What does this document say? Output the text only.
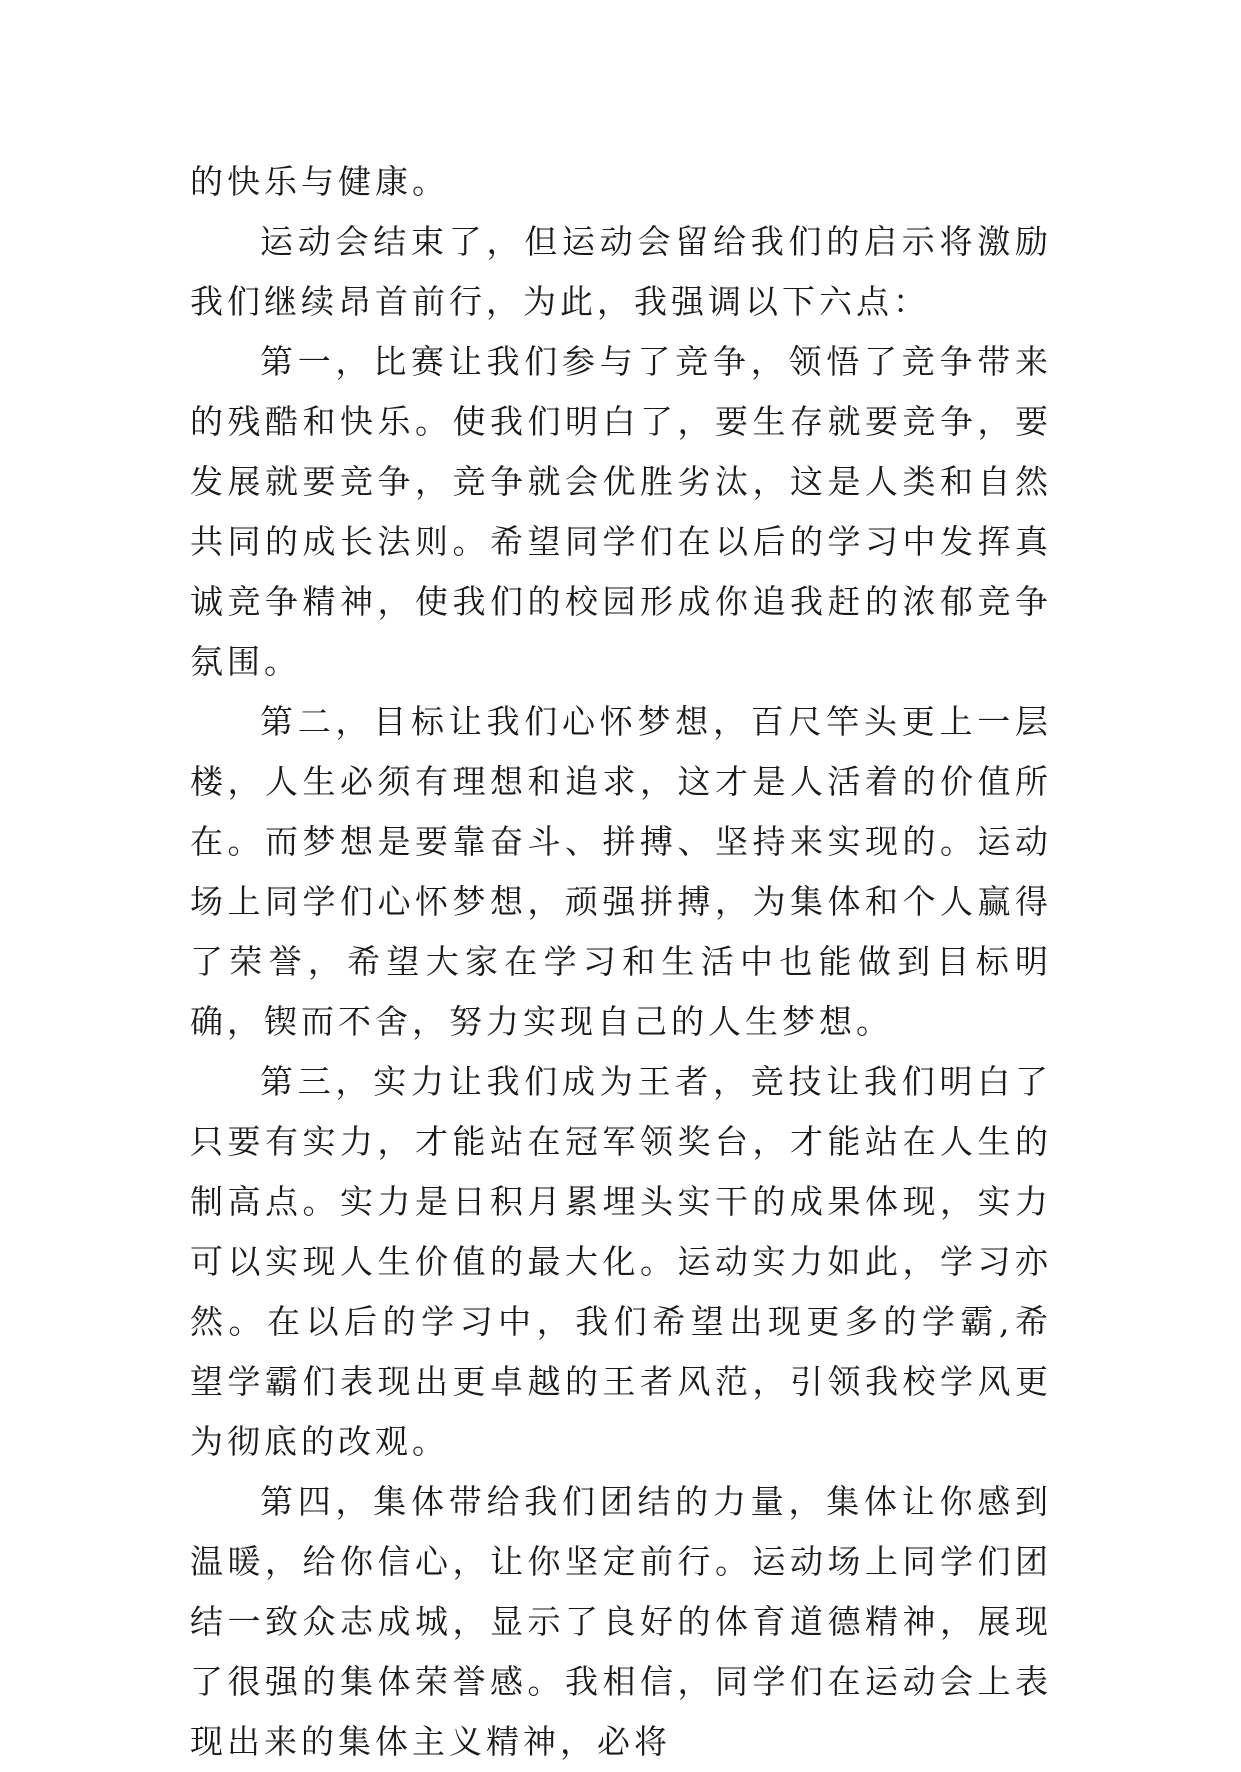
的快乐与健康。

运动会结束了，但运动会留给我们的启示将激励我们继续昂首前行，为此，我强调以下六点：

第一，比赛让我们参与了竞争，领悟了竞争带来的残酷和快乐。使我们明白了，要生存就要竞争，要发展就要竞争，竞争就会优胜劣汰，这是人类和自然共同的成长法则。希望同学们在以后的学习中发挥真诚竞争精神，使我们的校园形成你追我赶的浓郁竞争氛围。

第二，目标让我们心怀梦想，百尺竿头更上一层楼，人生必须有理想和追求，这才是人活着的价值所在。而梦想是要靠奋斗、拼搏、坚持来实现的。运动场上同学们心怀梦想，顽强拼搏，为集体和个人赢得了荣誉，希望大家在学习和生活中也能做到目标明确，锲而不舍，努力实现自己的人生梦想。

第三，实力让我们成为王者，竞技让我们明白了只要有实力，才能站在冠军领奖台，才能站在人生的制高点。实力是日积月累埋头实干的成果体现，实力可以实现人生价值的最大化。运动实力如此，学习亦然。在以后的学习中，我们希望出现更多的学霸,希望学霸们表现出更卓越的王者风范，引领我校学风更为彻底的改观。

第四，集体带给我们团结的力量，集体让你感到温暖，给你信心，让你坚定前行。运动场上同学们团结一致众志成城，显示了良好的体育道德精神，展现了很强的集体荣誉感。我相信，同学们在运动会上表现出来的集体主义精神，必将
